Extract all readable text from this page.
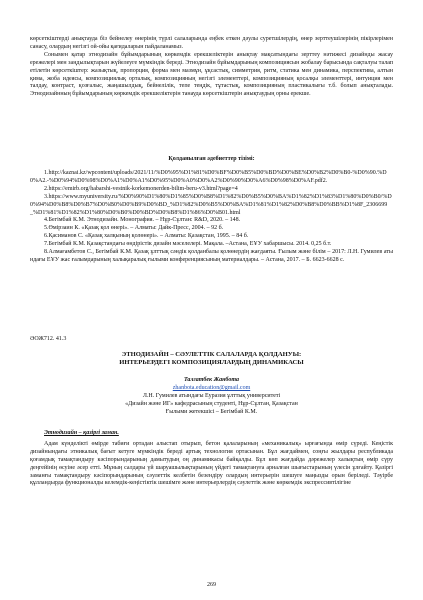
көрсеткіштерді анықтауда біз бейнелеу өнерінің түрлі салаларында еңбек еткен дәулы суретшілердің, өнер зерттеушілерінің пікірлерімен санасу, олардың негізгі ой-ойы қағидаларын пайдаланамыз.

Сонымен қатар этнодизайн бұйымдарының көркемдік ерекшеліктерін анықтау мақсатындағы зерттеу нәтижесі дизайнды жасау ережелері мен заңдылықтарын жүйелеуге мүмкіндік береді. Этнодизайн бұйымдарының композициясын жобалау барысында сақталуы талап етілетін көрсеткіштер: жазықтық, пропорция, форма мен мазмұн, ұқсастық, симметрия, ритм, статика мен динамика, перспектива, алтын қима, жоба идеясы, композициялық орталық, композицияның негізгі элементтері, композицияның қосалқы элементтері, интуиция мен талдау, контраст, қозғалыс, жаңашылдық, бейнелілік, тепе теңдік, тұтастық, композицияның пластикалығы т.б. болып анықталады. Этнодизайнның бұйымдарының көркемдік ерекшеліктерін танауда көрсеткіштерін анықтаудың орны ерекше.

Қолданылған әдебиеттер тізімі:

1.http://kaznai.kz/wpcontent/uploads/2021/11/%D0%95%D1%81%D0%BF%D0%B5%D0%BD%D0%BE%D0%B2%D0%B0-%D0%90.%D0%A2.-%D0%94%D0%98%D0%A1%D0%A1%D0%95%D0%A0%D0%A2%D0%90%D0%A6%D0%98%D0%AF.pdf2.

2.https://emirb.org/habarshi-vestnik-korkemonerden-bilim-beru-v3.html?page=4

3.https://www.myuniversity.ru/%D0%90%D1%80%D1%85%D0%B8%D1%82%D0%B5%D0%BA%D1%82%D1%83%D1%80%D0%B0/%D0%94%D0%B8%D0%B7%D0%B0%D0%B9%D0%BD_%D1%82%D0%B5%D0%BA%D1%81%D1%82%D0%B8%D0%BB%D1%8F_2306699_%D1%81%D1%82%D1%80%D0%B0%D0%BD%D0%B8%D1%86%D0%B01.html

4.Бегімбай К.М. Этнодизайн. Монография. – Нұр-Сұлтан: R&D, 2020. – 148.

5.Өмірзаин К. «Қазақ қол өнері». – Алматы: Дайк-Пресс, 2004. – 92 б.

6.Қасиманов С. «Қазақ халқының қолөнері». – Алматы: Қазақстан, 1995. – 84 б.

7.Бегімбай К.М. Қазақстандағы өндірістік дизайн мәселелері. Мақала. –Астана, ЕҰУ хабаршысы. 2014. 0,25 б.т.

8.Алмағамбетов С., Бегімбай К.М. Қазақ ұлттық сәндік қолданбалы қолөнердің жағдаяты. Ғылым және білім – 2017: Л.Н. Гумилев атындағы ЕҰУ жас ғалымдарының халықаралық ғылыми конференциясының материалдары. – Астана, 2017. – Б. 6623-6628 с.

ӘОЖ712. 41.3

ЭТНОДИЗАЙН – СӘУЛЕТТІК САЛАЛАРДА ҚОЛДАНУЫ:

ИНТЕРЬЕРДЕГІ КОМПОЗИЦИЯЛАРДЫҢ ДИНАМИКАСЫ

Талгатбек Жанбота

zhanbota.education@gmail.com

Л.Н. Гумилев атындағы Еуразия ұлттық университеті

«Дизайн және ИГ» кафедрасының студенті, Нұр-Сұлтан, Қазақстан

Ғылыми жетекшісі – Бегімбай К.М.

Этнодизайн – қазіргі заман.

Адам күнделікті өмірде табиғи ортадан алыстап отырып, бетон қалаларының «механикалық» ырғағында өмір сүреді. Кеңістік дизайнындағы этникалық бағыт кетуге мүмкіндік береді артық технология ортасынан. Бұл жағдаймен, соңғы жылдары республикада қоғамдық тамақтандыру кәсіпорындарының дамытудың оң динамикасы байқалды. Бұл көп жағдайда дәрежелер халықтың өмір сүру деңгейінің өсуіне әсер етті. Мұның салдары үй шаруашылықтарының үйдегі тамақтануға арналған шығыстарының үлесін ұлғайту. Қазіргі заманғы тамақтандыру кәсіпорындарының сәулеттік келбетін безендіру олардың интерьерін шешуге маңызды орын беріледі. Тәуірбе құлландырда функционалды келемдік-кеңістіктік шешімге және интерьерлердің сәулеттік және көркемдік экспрессивтілігіне

269
